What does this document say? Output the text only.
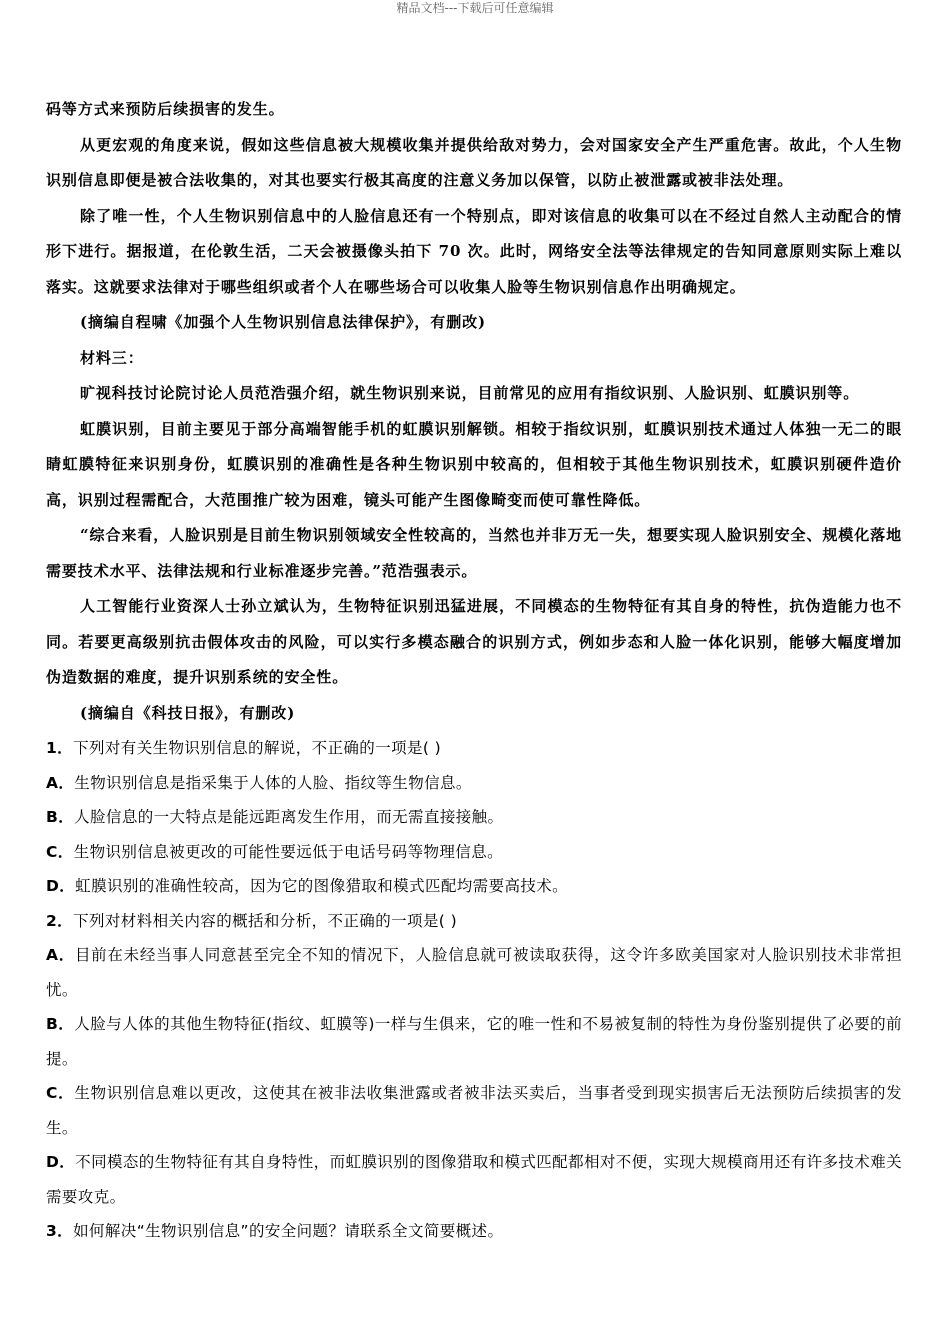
精品文档---下载后可任意编辑

码等方式来预防后续损害的发生。

从更宏观的角度来说，假如这些信息被大规模收集并提供给敌对势力，会对国家安全产生严重危害。故此，个人生物识别信息即便是被合法收集的，对其也要实行极其高度的注意义务加以保管，以防止被泄露或被非法处理。

除了唯一性，个人生物识别信息中的人脸信息还有一个特别点，即对该信息的收集可以在不经过自然人主动配合的情形下进行。据报道，在伦敦生活，二天会被摄像头拍下 70 次。此时，网络安全法等法律规定的告知同意原则实际上难以落实。这就要求法律对于哪些组织或者个人在哪些场合可以收集人脸等生物识别信息作出明确规定。

(摘编自程啸《加强个人生物识别信息法律保护》，有删改)

材料三：

旷视科技讨论院讨论人员范浩强介绍，就生物识别来说，目前常见的应用有指纹识别、人脸识别、虹膜识别等。

虹膜识别，目前主要见于部分高端智能手机的虹膜识别解锁。相较于指纹识别，虹膜识别技术通过人体独一无二的眼睛虹膜特征来识别身份，虹膜识别的准确性是各种生物识别中较高的，但相较于其他生物识别技术，虹膜识别硬件造价高，识别过程需配合，大范围推广较为困难，镜头可能产生图像畸变而使可靠性降低。

“综合来看，人脸识别是目前生物识别领域安全性较高的，当然也并非万无一失，想要实现人脸识别安全、规模化落地需要技术水平、法律法规和行业标准逐步完善。”范浩强表示。

人工智能行业资深人士孙立斌认为，生物特征识别迅猛进展，不同模态的生物特征有其自身的特性，抗伪造能力也不同。若要更高级别抗击假体攻击的风险，可以实行多模态融合的识别方式，例如步态和人脸一体化识别，能够大幅度增加伪造数据的难度，提升识别系统的安全性。

(摘编自《科技日报》，有删改)

1．下列对有关生物识别信息的解说，不正确的一项是( )

A．生物识别信息是指采集于人体的人脸、指纹等生物信息。

B．人脸信息的一大特点是能远距离发生作用，而无需直接接触。

C．生物识别信息被更改的可能性要远低于电话号码等物理信息。

D．虹膜识别的准确性较高，因为它的图像猎取和模式匹配均需要高技术。

2．下列对材料相关内容的概括和分析，不正确的一项是( )

A．目前在未经当事人同意甚至完全不知的情况下，人脸信息就可被读取获得，这令许多欧美国家对人脸识别技术非常担忧。

B．人脸与人体的其他生物特征(指纹、虹膜等)一样与生俱来，它的唯一性和不易被复制的特性为身份鉴别提供了必要的前提。

C．生物识别信息难以更改，这使其在被非法收集泄露或者被非法买卖后，当事者受到现实损害后无法预防后续损害的发生。

D．不同模态的生物特征有其自身特性，而虹膜识别的图像猎取和模式匹配都相对不便，实现大规模商用还有许多技术难关需要攻克。

3．如何解决“生物识别信息”的安全问题？请联系全文简要概述。
